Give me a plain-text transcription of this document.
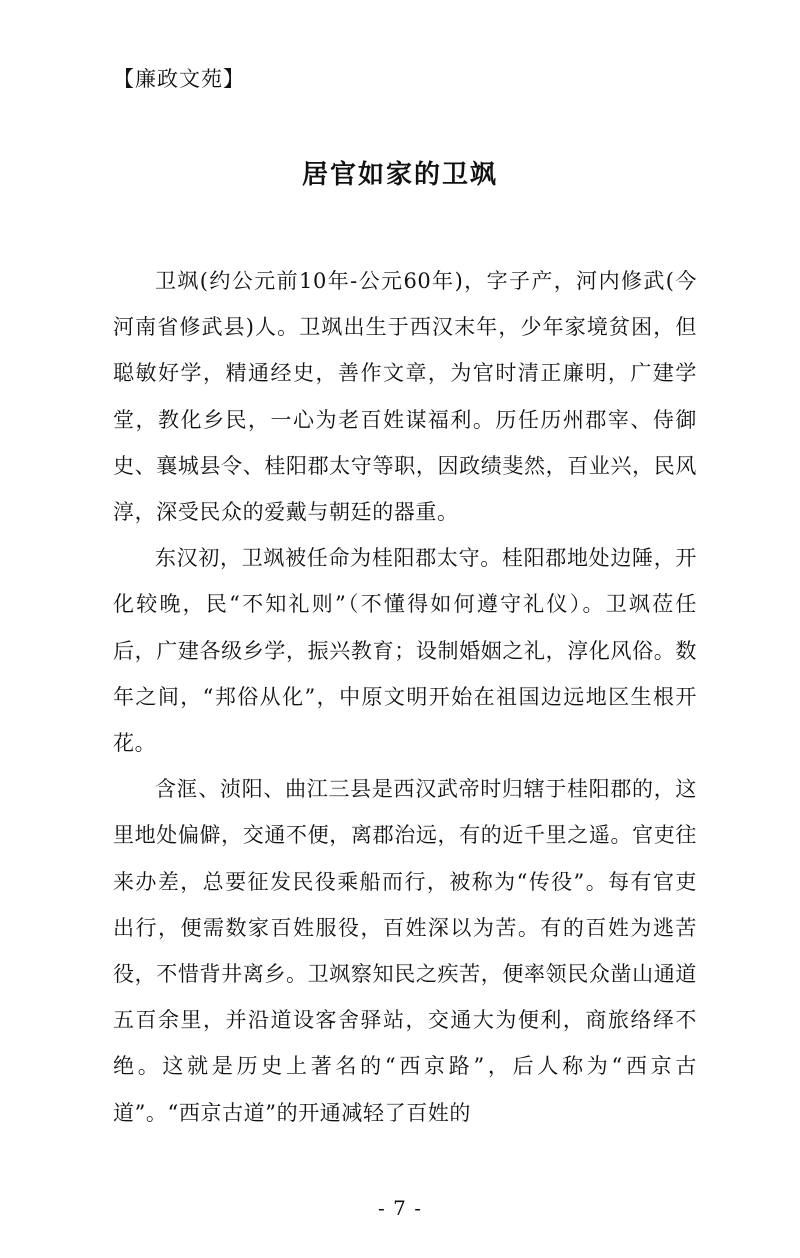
【廉政文苑】
居官如家的卫飒

卫飒(约公元前10年-公元60年)，字子产，河内修武(今河南省修武县)人。卫飒出生于西汉末年，少年家境贫困，但聪敏好学，精通经史，善作文章，为官时清正廉明，广建学堂，教化乡民，一心为老百姓谋福利。历任历州郡宰、侍御史、襄城县令、桂阳郡太守等职，因政绩斐然，百业兴，民风淳，深受民众的爱戴与朝廷的器重。

东汉初，卫飒被任命为桂阳郡太守。桂阳郡地处边陲，开化较晚，民“不知礼则”（不懂得如何遵守礼仪）。卫飒莅任后，广建各级乡学，振兴教育；设制婚姻之礼，淳化风俗。数年之间，“邦俗从化”，中原文明开始在祖国边远地区生根开花。

含洭、浈阳、曲江三县是西汉武帝时归辖于桂阳郡的，这里地处偏僻，交通不便，离郡治远，有的近千里之遥。官吏往来办差，总要征发民役乘船而行，被称为“传役”。每有官吏出行，便需数家百姓服役，百姓深以为苦。有的百姓为逃苦役，不惜背井离乡。卫飒察知民之疾苦，便率领民众凿山通道五百余里，并沿道设客舍驿站，交通大为便利，商旅络绎不绝。这就是历史上著名的“西京路”，后人称为“西京古道”。“西京古道”的开通减轻了百姓的

- 7 -
